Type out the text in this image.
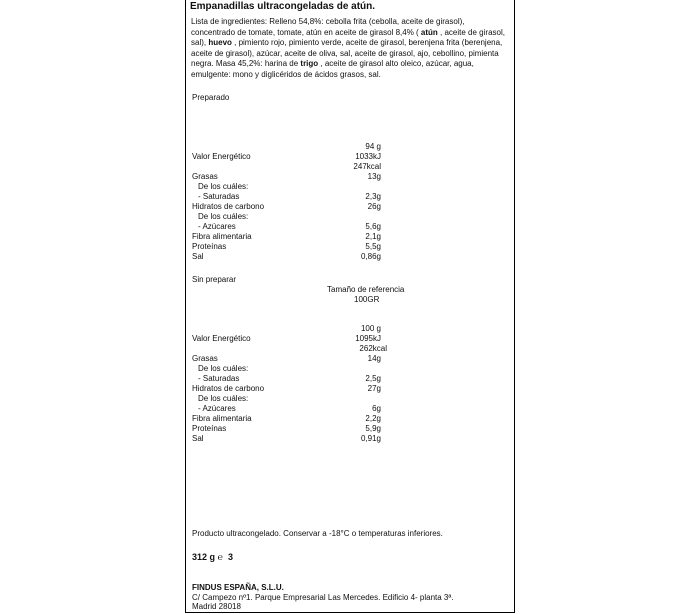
Empanadillas ultracongeladas de atún.
Lista de ingredientes: Relleno 54,8%: cebolla frita (cebolla, aceite de girasol), concentrado de tomate, tomate, atún en aceite de girasol 8,4% ( atún , aceite de girasol, sal), huevo , pimiento rojo, pimiento verde, aceite de girasol, berenjena frita (berenjena, aceite de girasol), azúcar, aceite de oliva, sal, aceite de girasol, ajo, cebollino, pimienta negra. Masa 45,2%: harina de trigo , aceite de girasol alto oleico, azúcar, agua, emulgente: mono y diglicéridos de ácidos grasos, sal.
Preparado
94 g
Valor Energético	1033kJ
247kcal
Grasas	13g
De los cuáles:
- Saturadas	2,3g
Hidratos de carbono	26g
De los cuáles:
- Azúcares	5,6g
Fibra alimentaria	2,1g
Proteínas	5,5g
Sal	0,86g
Sin preparar
Tamaño de referencia
100GR
100 g
Valor Energético	1095kJ
262kcal
Grasas	14g
De los cuáles:
- Saturadas	2,5g
Hidratos de carbono	27g
De los cuáles:
- Azúcares	6g
Fibra alimentaria	2,2g
Proteínas	5,9g
Sal	0,91g
Producto ultracongelado. Conservar a -18°C o temperaturas inferiores.
312 g ℮ 3
FINDUS ESPAÑA, S.L.U.
C/ Campezo nº1. Parque Empresarial Las Mercedes. Edificio 4- planta 3ª.
Madrid 28018
